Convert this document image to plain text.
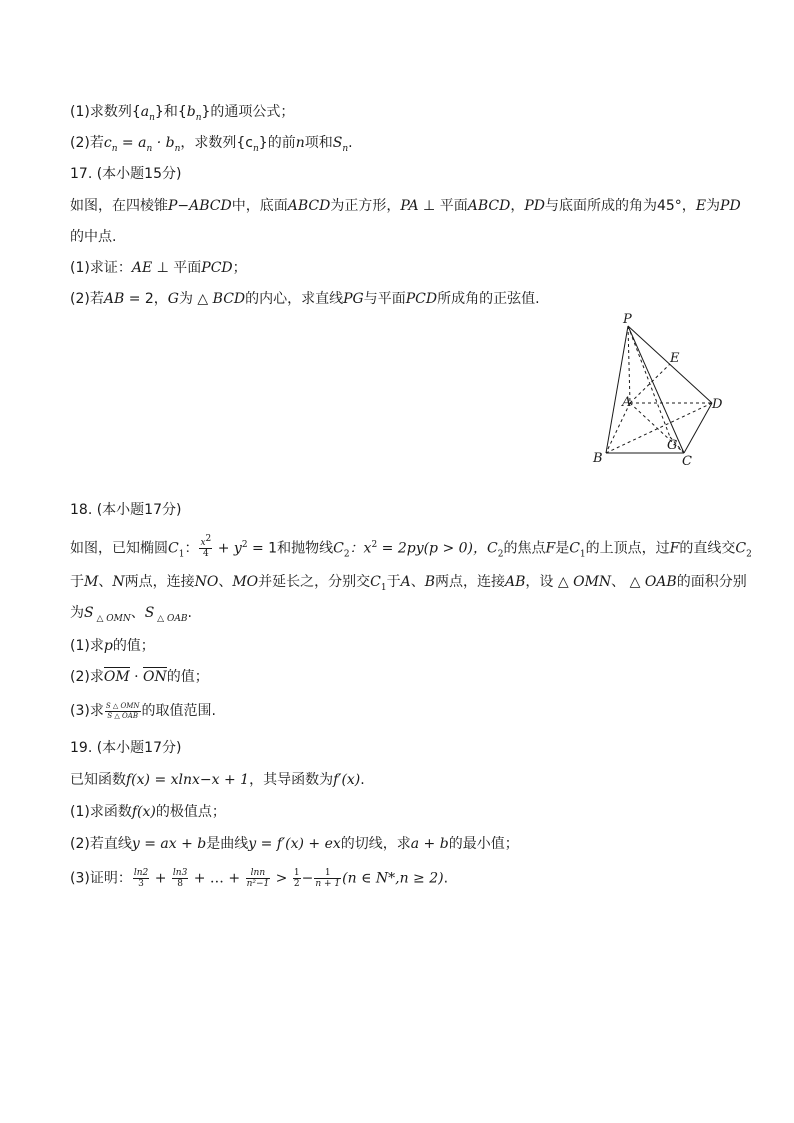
(1)求数列$\{a_n\}$和$\{b_n\}$的通项公式；
(2)若$c_n = a_n \cdot b_n$，求数列$\{c_n\}$的前n项和$S_n$.
17. (本小题15分)
如图，在四棱锥P−ABCD中，底面ABCD为正方形，PA ⊥ 平面ABCD，PD与底面所成的角为45°，E为PD
的中点.
(1)求证：AE ⊥ 平面PCD；
(2)若AB = 2，G为 △ BCD的内心，求直线PG与平面PCD所成角的正弦值.
P
E
A	D
G
B	C
18. (本小题17分)
如图，已知椭圆$C_1$： $\frac{x^2}{4} + y^2 = 1$和抛物线$C_2$：$x^2 = 2py(p > 0)$，$C_2$的焦点F是$C_1$的上顶点，过F的直线交$C_2$
于M、N两点，连接NO、MO并延长之，分别交$C_1$于A、B两点，连接AB，设 △ OMN、 △ OAB的面积分别
为S $_{\triangle OMN}$、S $_{\triangle OAB}$.
(1)求p的值；
(2)求OM · ON的值；
(3)求 $\frac{\text{S △ OMN}}{\text{S △ OAB}}$ 的取值范围.
19. (本小题17分)
已知函数f(x) = xlnx−x + 1，其导函数为f′(x).
(1)求函数f(x)的极值点；
(2)若直线y = ax + b是曲线y = f′(x) + ex的切线，求a + b的最小值；
(3)证明： $\frac{\ln 2}{3} + \frac{\ln 3}{8}$ + … + $\frac{\ln n}{\text{n²−1}} > \frac{1}{2} - \frac{1}{n + 1} (n$ ∈ N*,n ≥ 2).
